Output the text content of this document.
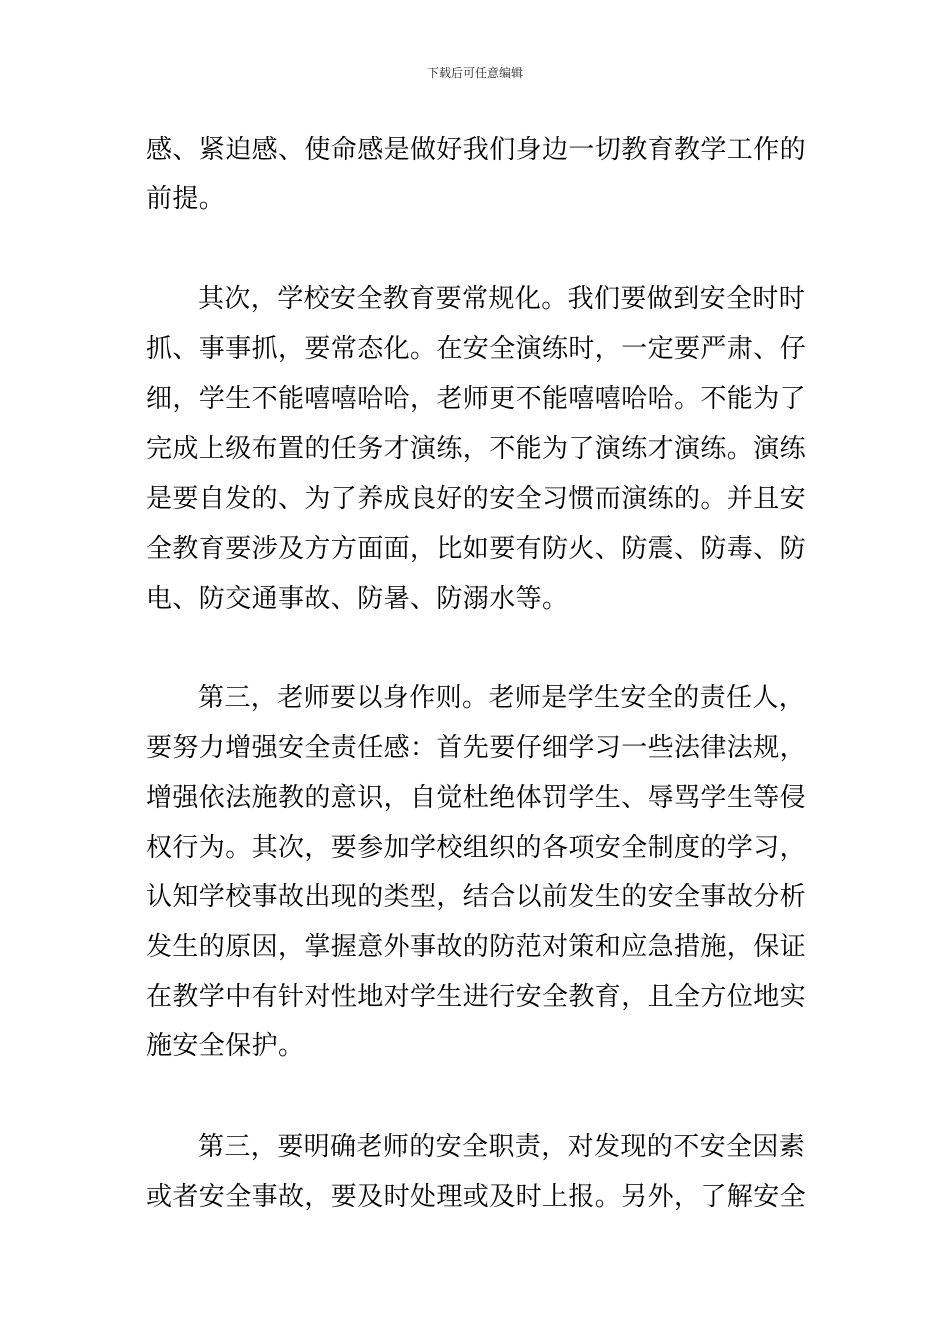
下载后可任意编辑
感、紧迫感、使命感是做好我们身边一切教育教学工作的
前提。
其次，学校安全教育要常规化。我们要做到安全时时
抓、事事抓，要常态化。在安全演练时，一定要严肃、仔
细，学生不能嘻嘻哈哈，老师更不能嘻嘻哈哈。不能为了
完成上级布置的任务才演练，不能为了演练才演练。演练
是要自发的、为了养成良好的安全习惯而演练的。并且安
全教育要涉及方方面面，比如要有防火、防震、防毒、防
电、防交通事故、防暑、防溺水等。
第三，老师要以身作则。老师是学生安全的责任人，
要努力增强安全责任感：首先要仔细学习一些法律法规，
增强依法施教的意识，自觉杜绝体罚学生、辱骂学生等侵
权行为。其次，要参加学校组织的各项安全制度的学习，
认知学校事故出现的类型，结合以前发生的安全事故分析
发生的原因，掌握意外事故的防范对策和应急措施，保证
在教学中有针对性地对学生进行安全教育，且全方位地实
施安全保护。
第三，要明确老师的安全职责，对发现的不安全因素
或者安全事故，要及时处理或及时上报。另外，了解安全
